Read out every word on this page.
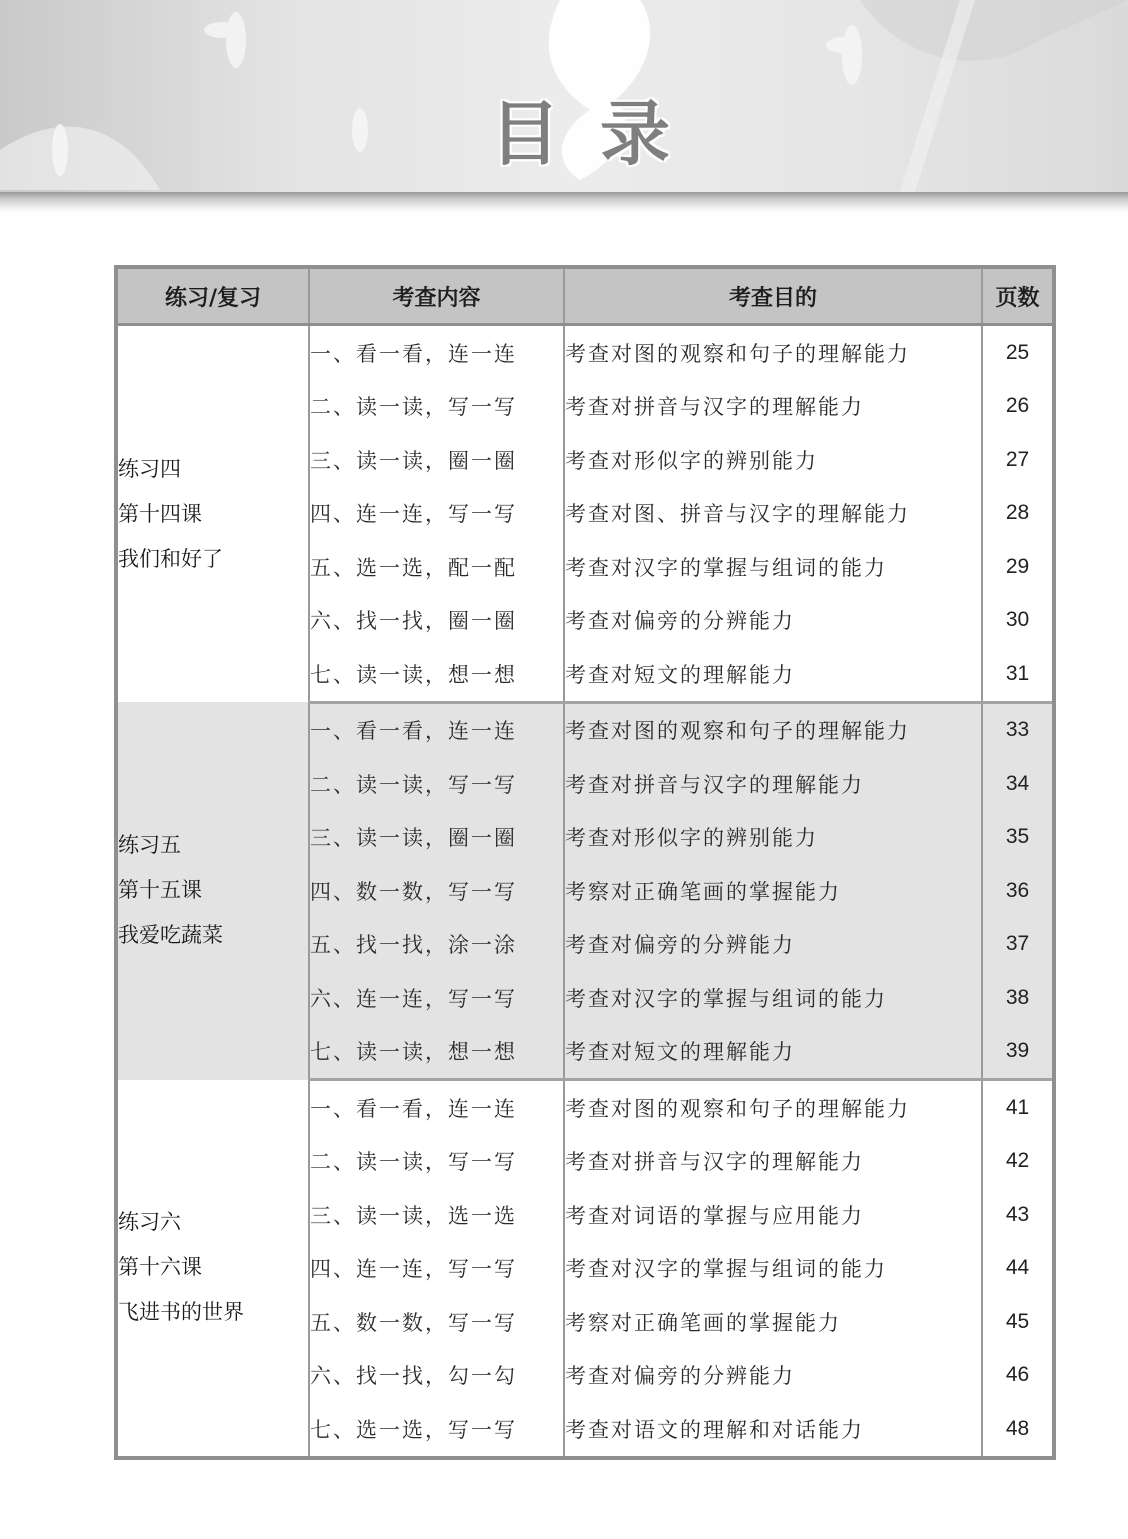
目 录
练习/复习	考查内容	考查目的	页数

练习四
第十四课
我们和好了	一、看一看，连一连	考查对图的观察和句子的理解能力	25
	二、读一读，写一写	考查对拼音与汉字的理解能力	26
	三、读一读，圈一圈	考查对形似字的辨别能力	27
	四、连一连，写一写	考查对图、拼音与汉字的理解能力	28
	五、选一选，配一配	考查对汉字的掌握与组词的能力	29
	六、找一找，圈一圈	考查对偏旁的分辨能力	30
	七、读一读，想一想	考查对短文的理解能力	31

练习五
第十五课
我爱吃蔬菜	一、看一看，连一连	考查对图的观察和句子的理解能力	33
	二、读一读，写一写	考查对拼音与汉字的理解能力	34
	三、读一读，圈一圈	考查对形似字的辨别能力	35
	四、数一数，写一写	考察对正确笔画的掌握能力	36
	五、找一找，涂一涂	考查对偏旁的分辨能力	37
	六、连一连，写一写	考查对汉字的掌握与组词的能力	38
	七、读一读，想一想	考查对短文的理解能力	39

练习六
第十六课
飞进书的世界	一、看一看，连一连	考查对图的观察和句子的理解能力	41
	二、读一读，写一写	考查对拼音与汉字的理解能力	42
	三、读一读，选一选	考查对词语的掌握与应用能力	43
	四、连一连，写一写	考查对汉字的掌握与组词的能力	44
	五、数一数，写一写	考察对正确笔画的掌握能力	45
	六、找一找，勾一勾	考查对偏旁的分辨能力	46
	七、选一选，写一写	考查对语文的理解和对话能力	48
